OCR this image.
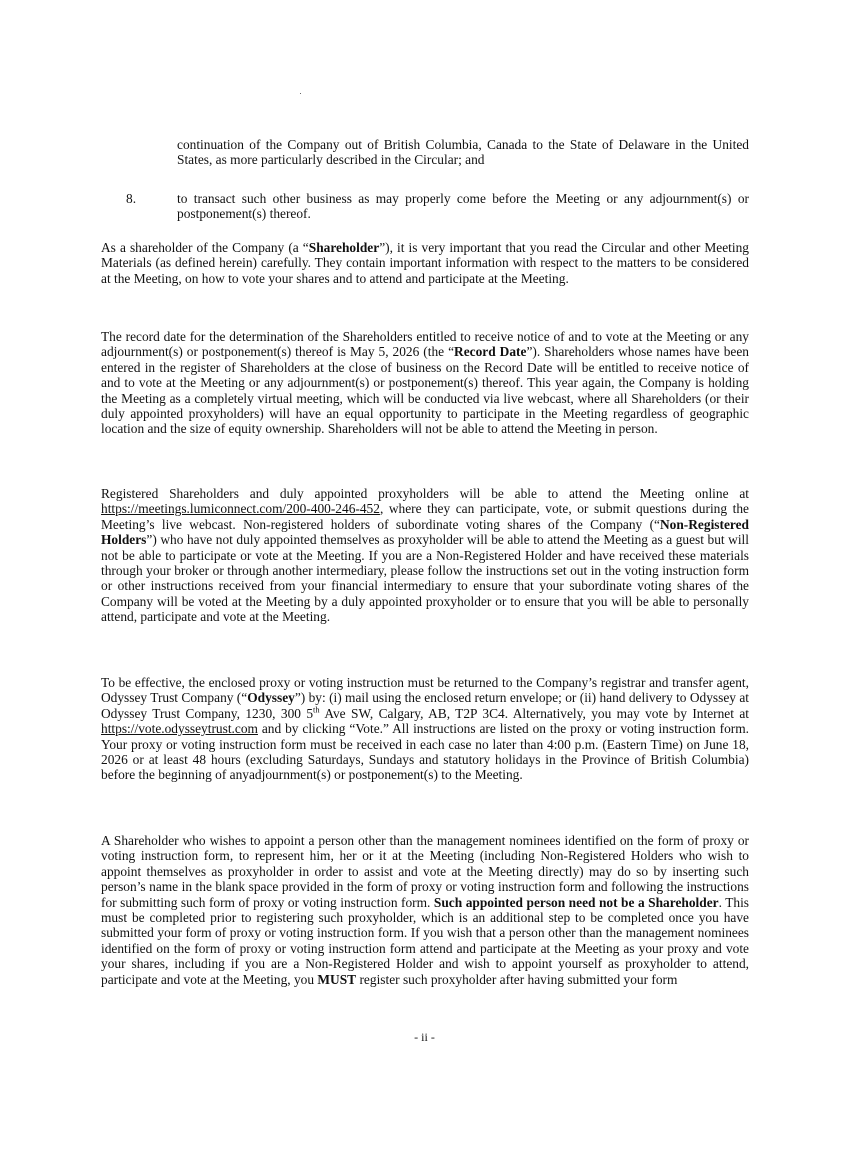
continuation of the Company out of British Columbia, Canada to the State of Delaware in the United States, as more particularly described in the Circular; and

8.	to transact such other business as may properly come before the Meeting or any adjournment(s) or postponement(s) thereof.

As a shareholder of the Company (a “Shareholder”), it is very important that you read the Circular and other Meeting Materials (as defined herein) carefully. They contain important information with respect to the matters to be considered at the Meeting, on how to vote your shares and to attend and participate at the Meeting.

The record date for the determination of the Shareholders entitled to receive notice of and to vote at the Meeting or any adjournment(s) or postponement(s) thereof is May 5, 2026 (the “Record Date”). Shareholders whose names have been entered in the register of Shareholders at the close of business on the Record Date will be entitled to receive notice of and to vote at the Meeting or any adjournment(s) or postponement(s) thereof. This year again, the Company is holding the Meeting as a completely virtual meeting, which will be conducted via live webcast, where all Shareholders (or their duly appointed proxyholders) will have an equal opportunity to participate in the Meeting regardless of geographic location and the size of equity ownership. Shareholders will not be able to attend the Meeting in person.

Registered Shareholders and duly appointed proxyholders will be able to attend the Meeting online at https://meetings.lumiconnect.com/200-400-246-452, where they can participate, vote, or submit questions during the Meeting’s live webcast. Non-registered holders of subordinate voting shares of the Company (“Non-Registered Holders”) who have not duly appointed themselves as proxyholder will be able to attend the Meeting as a guest but will not be able to participate or vote at the Meeting. If you are a Non-Registered Holder and have received these materials through your broker or through another intermediary, please follow the instructions set out in the voting instruction form or other instructions received from your financial intermediary to ensure that your subordinate voting shares of the Company will be voted at the Meeting by a duly appointed proxyholder or to ensure that you will be able to personally attend, participate and vote at the Meeting.

To be effective, the enclosed proxy or voting instruction must be returned to the Company’s registrar and transfer agent, Odyssey Trust Company (“Odyssey”) by: (i) mail using the enclosed return envelope; or (ii) hand delivery to Odyssey at Odyssey Trust Company, 1230, 300 5th Ave SW, Calgary, AB, T2P 3C4. Alternatively, you may vote by Internet at https://vote.odysseytrust.com and by clicking “Vote.” All instructions are listed on the proxy or voting instruction form. Your proxy or voting instruction form must be received in each case no later than 4:00 p.m. (Eastern Time) on June 18, 2026 or at least 48 hours (excluding Saturdays, Sundays and statutory holidays in the Province of British Columbia) before the beginning of anyadjournment(s) or postponement(s) to the Meeting.

A Shareholder who wishes to appoint a person other than the management nominees identified on the form of proxy or voting instruction form, to represent him, her or it at the Meeting (including Non-Registered Holders who wish to appoint themselves as proxyholder in order to assist and vote at the Meeting directly) may do so by inserting such person’s name in the blank space provided in the form of proxy or voting instruction form and following the instructions for submitting such form of proxy or voting instruction form. Such appointed person need not be a Shareholder. This must be completed prior to registering such proxyholder, which is an additional step to be completed once you have submitted your form of proxy or voting instruction form. If you wish that a person other than the management nominees identified on the form of proxy or voting instruction form attend and participate at the Meeting as your proxy and vote your shares, including if you are a Non-Registered Holder and wish to appoint yourself as proxyholder to attend, participate and vote at the Meeting, you MUST register such proxyholder after having submitted your form

- ii -
